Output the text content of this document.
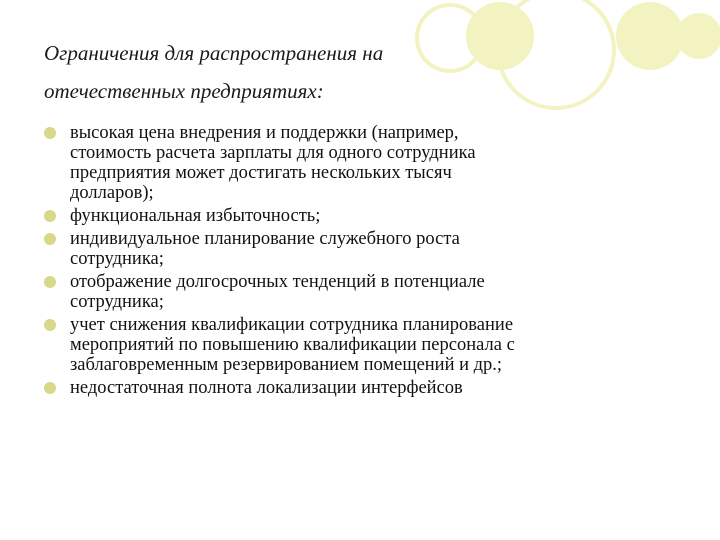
Ограничения для распространения на
отечественных предприятиях:
высокая цена внедрения и поддержки (например,
стоимость расчета зарплаты для одного сотрудника
предприятия может достигать нескольких тысяч
долларов);
функциональная избыточность;
индивидуальное планирование служебного роста
сотрудника;
отображение долгосрочных тенденций в потенциале
сотрудника;
учет снижения квалификации сотрудника планирование
мероприятий по повышению квалификации персонала с
заблаговременным резервированием помещений и др.;
недостаточная полнота локализации интерфейсов
